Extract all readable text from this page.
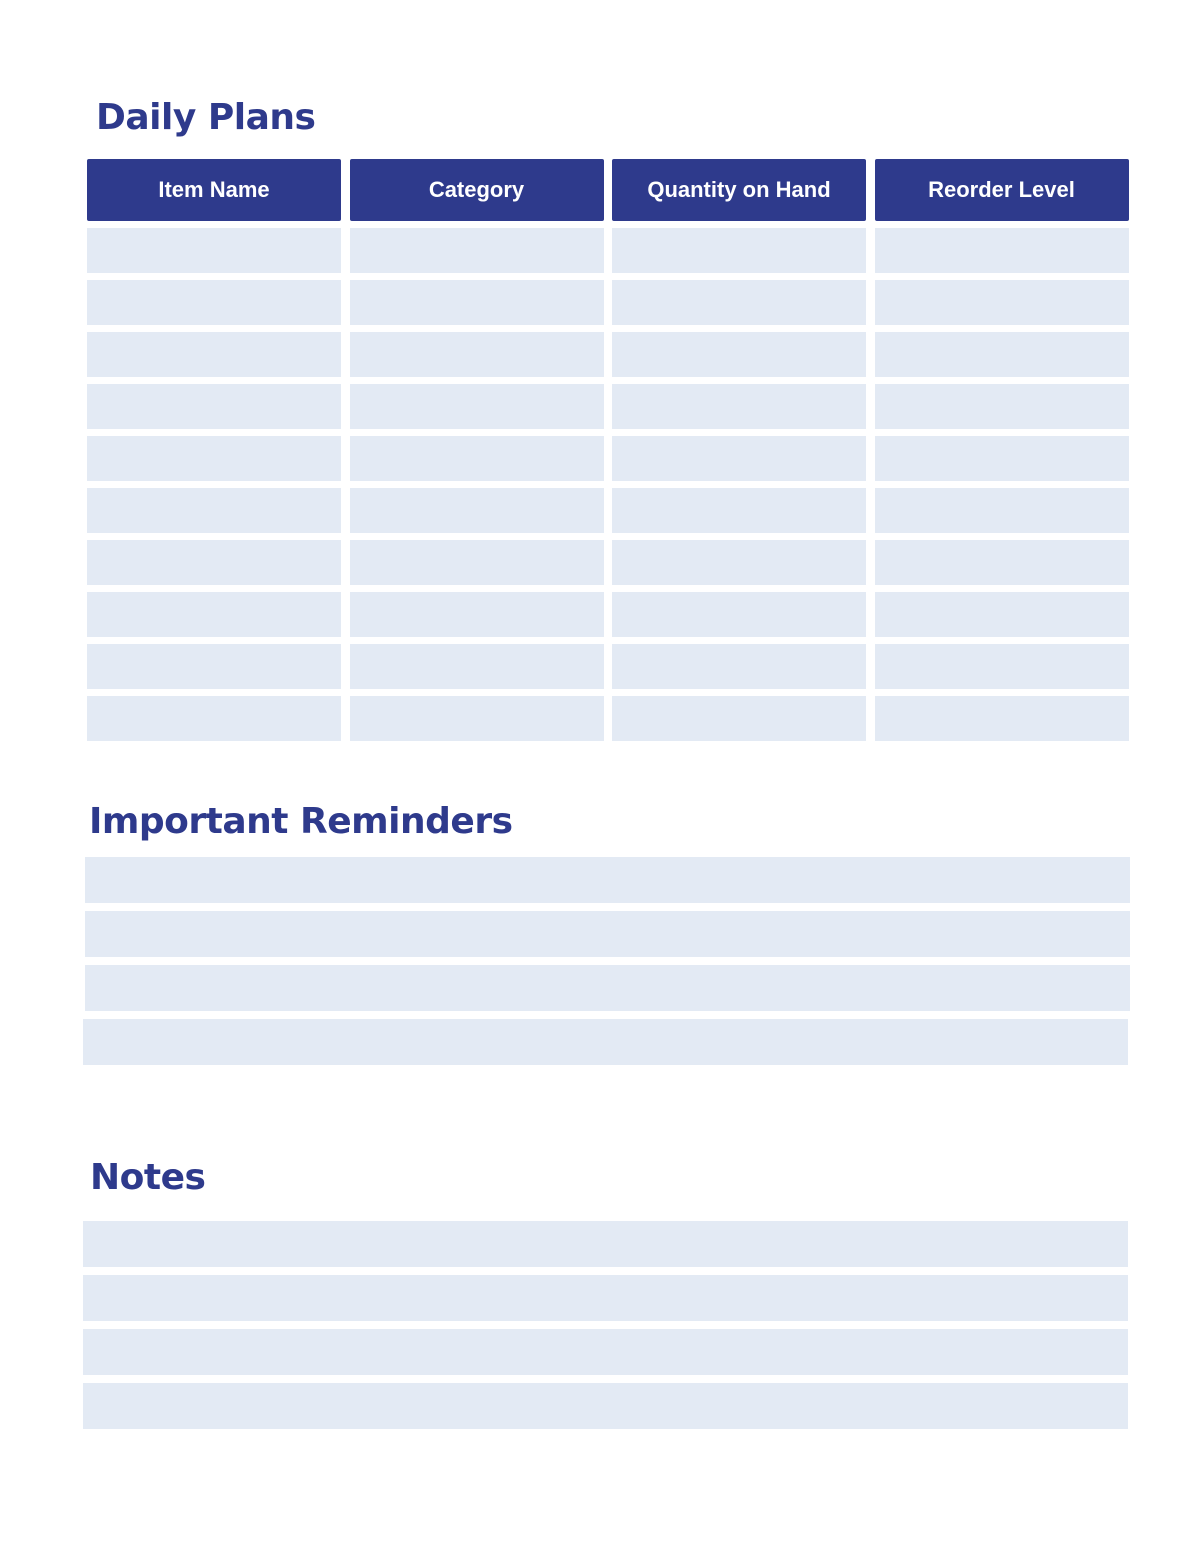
Daily Plans
Item Name	Category	Quantity on Hand	Reorder Level
Important Reminders
Notes
